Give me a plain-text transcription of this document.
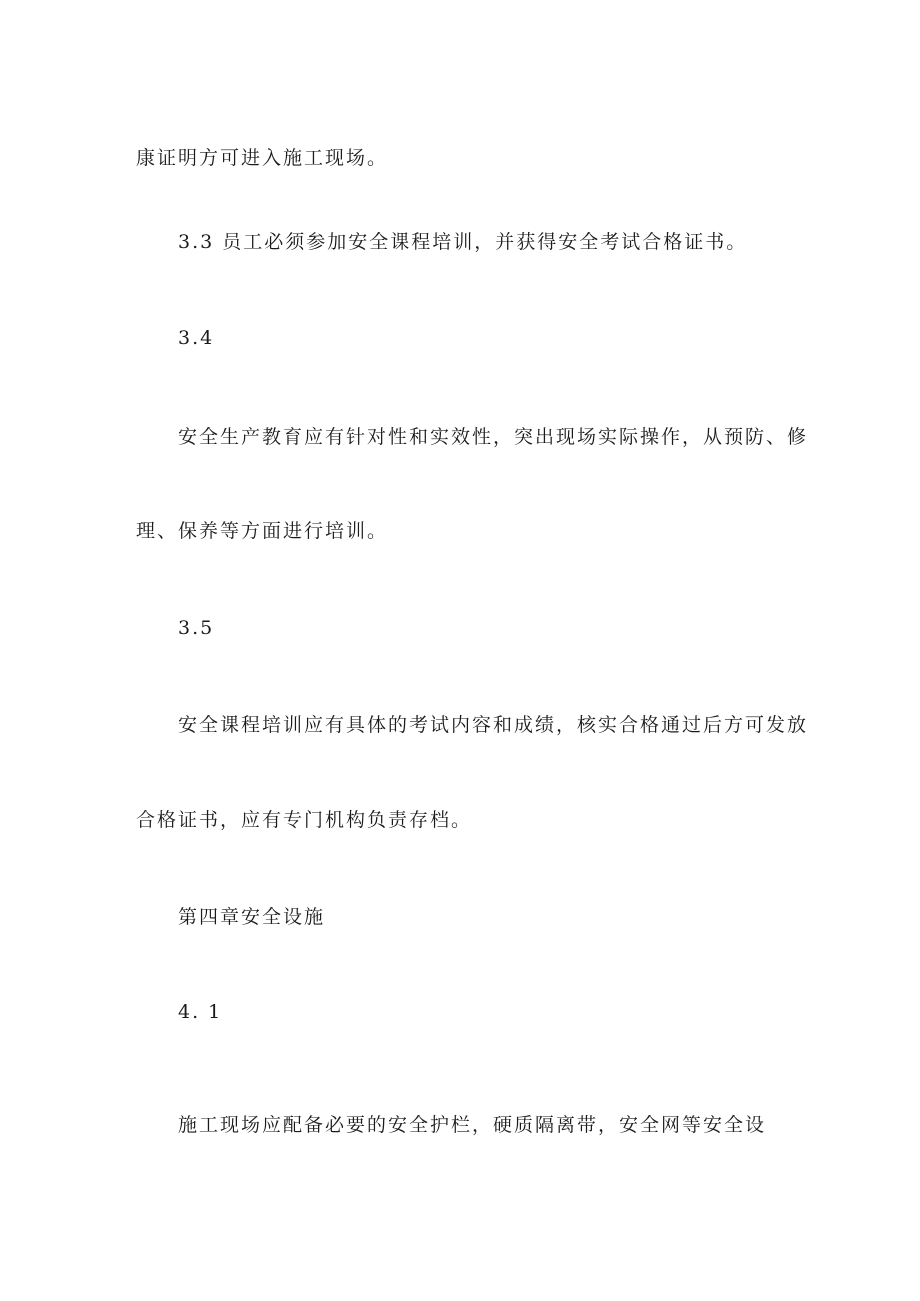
康证明方可进入施工现场。
3.3 员工必须参加安全课程培训，并获得安全考试合格证书。
3.4
安全生产教育应有针对性和实效性，突出现场实际操作，从预防、修
理、保养等方面进行培训。
3.5
安全课程培训应有具体的考试内容和成绩，核实合格通过后方可发放
合格证书，应有专门机构负责存档。
第四章安全设施
4. 1
施工现场应配备必要的安全护栏，硬质隔离带，安全网等安全设
